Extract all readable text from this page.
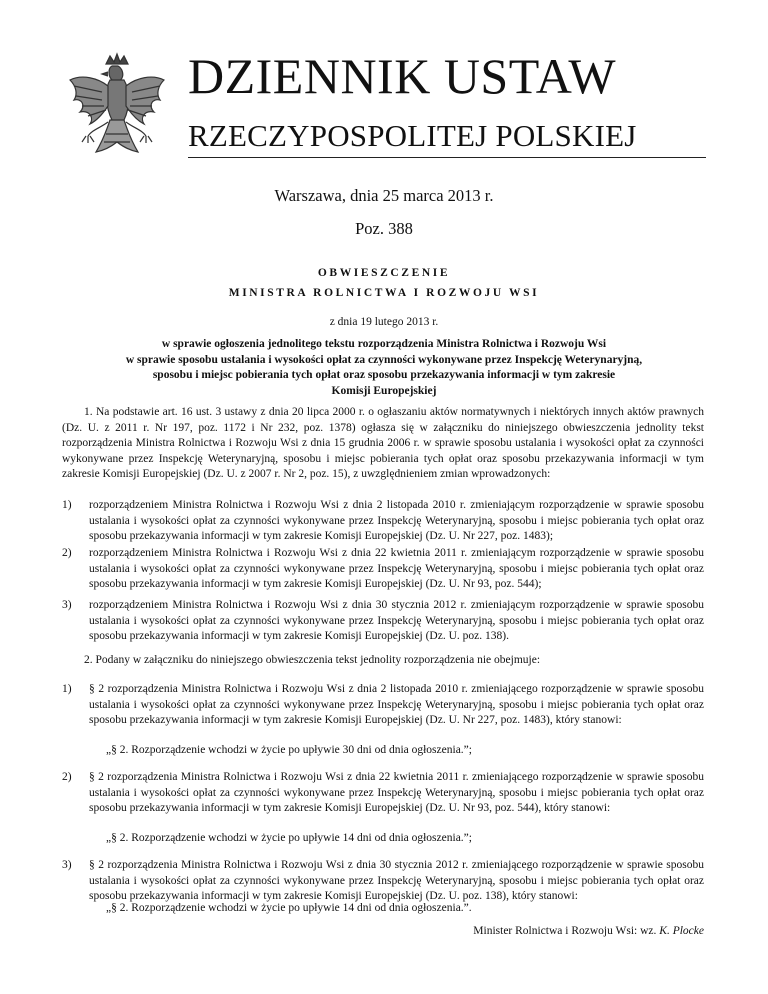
DZIENNIK USTAW
RZECZYPOSPOLITEJ POLSKIEJ
Warszawa, dnia 25 marca 2013 r.
Poz. 388
OBWIESZCZENIE
MINISTRA ROLNICTWA I ROZWOJU WSI
z dnia 19 lutego 2013 r.
w sprawie ogłoszenia jednolitego tekstu rozporządzenia Ministra Rolnictwa i Rozwoju Wsi
w sprawie sposobu ustalania i wysokości opłat za czynności wykonywane przez Inspekcję Weterynaryjną,
sposobu i miejsc pobierania tych opłat oraz sposobu przekazywania informacji w tym zakresie
Komisji Europejskiej
1. Na podstawie art. 16 ust. 3 ustawy z dnia 20 lipca 2000 r. o ogłaszaniu aktów normatywnych i niektórych innych aktów prawnych (Dz. U. z 2011 r. Nr 197, poz. 1172 i Nr 232, poz. 1378) ogłasza się w załączniku do niniejszego obwieszczenia jednolity tekst rozporządzenia Ministra Rolnictwa i Rozwoju Wsi z dnia 15 grudnia 2006 r. w sprawie sposobu ustalania i wysokości opłat za czynności wykonywane przez Inspekcję Weterynaryjną, sposobu i miejsc pobierania tych opłat oraz sposobu przekazywania informacji w tym zakresie Komisji Europejskiej (Dz. U. z 2007 r. Nr 2, poz. 15), z uwzględnieniem zmian wprowadzonych:
1)	rozporządzeniem Ministra Rolnictwa i Rozwoju Wsi z dnia 2 listopada 2010 r. zmieniającym rozporządzenie w sprawie sposobu ustalania i wysokości opłat za czynności wykonywane przez Inspekcję Weterynaryjną, sposobu i miejsc pobierania tych opłat oraz sposobu przekazywania informacji w tym zakresie Komisji Europejskiej (Dz. U. Nr 227, poz. 1483);
2)	rozporządzeniem Ministra Rolnictwa i Rozwoju Wsi z dnia 22 kwietnia 2011 r. zmieniającym rozporządzenie w sprawie sposobu ustalania i wysokości opłat za czynności wykonywane przez Inspekcję Weterynaryjną, sposobu i miejsc pobierania tych opłat oraz sposobu przekazywania informacji w tym zakresie Komisji Europejskiej (Dz. U. Nr 93, poz. 544);
3)	rozporządzeniem Ministra Rolnictwa i Rozwoju Wsi z dnia 30 stycznia 2012 r. zmieniającym rozporządzenie w sprawie sposobu ustalania i wysokości opłat za czynności wykonywane przez Inspekcję Weterynaryjną, sposobu i miejsc pobierania tych opłat oraz sposobu przekazywania informacji w tym zakresie Komisji Europejskiej (Dz. U. poz. 138).
2. Podany w załączniku do niniejszego obwieszczenia tekst jednolity rozporządzenia nie obejmuje:
1)	§ 2 rozporządzenia Ministra Rolnictwa i Rozwoju Wsi z dnia 2 listopada 2010 r. zmieniającego rozporządzenie w sprawie sposobu ustalania i wysokości opłat za czynności wykonywane przez Inspekcję Weterynaryjną, sposobu i miejsc pobierania tych opłat oraz sposobu przekazywania informacji w tym zakresie Komisji Europejskiej (Dz. U. Nr 227, poz. 1483), który stanowi:
„§ 2. Rozporządzenie wchodzi w życie po upływie 30 dni od dnia ogłoszenia.”;
2)	§ 2 rozporządzenia Ministra Rolnictwa i Rozwoju Wsi z dnia 22 kwietnia 2011 r. zmieniającego rozporządzenie w sprawie sposobu ustalania i wysokości opłat za czynności wykonywane przez Inspekcję Weterynaryjną, sposobu i miejsc pobierania tych opłat oraz sposobu przekazywania informacji w tym zakresie Komisji Europejskiej (Dz. U. Nr 93, poz. 544), który stanowi:
„§ 2. Rozporządzenie wchodzi w życie po upływie 14 dni od dnia ogłoszenia.”;
3)	§ 2 rozporządzenia Ministra Rolnictwa i Rozwoju Wsi z dnia 30 stycznia 2012 r. zmieniającego rozporządzenie w sprawie sposobu ustalania i wysokości opłat za czynności wykonywane przez Inspekcję Weterynaryjną, sposobu i miejsc pobierania tych opłat oraz sposobu przekazywania informacji w tym zakresie Komisji Europejskiej (Dz. U. poz. 138), który stanowi:
„§ 2. Rozporządzenie wchodzi w życie po upływie 14 dni od dnia ogłoszenia.”.
Minister Rolnictwa i Rozwoju Wsi: wz. K. Plocke
